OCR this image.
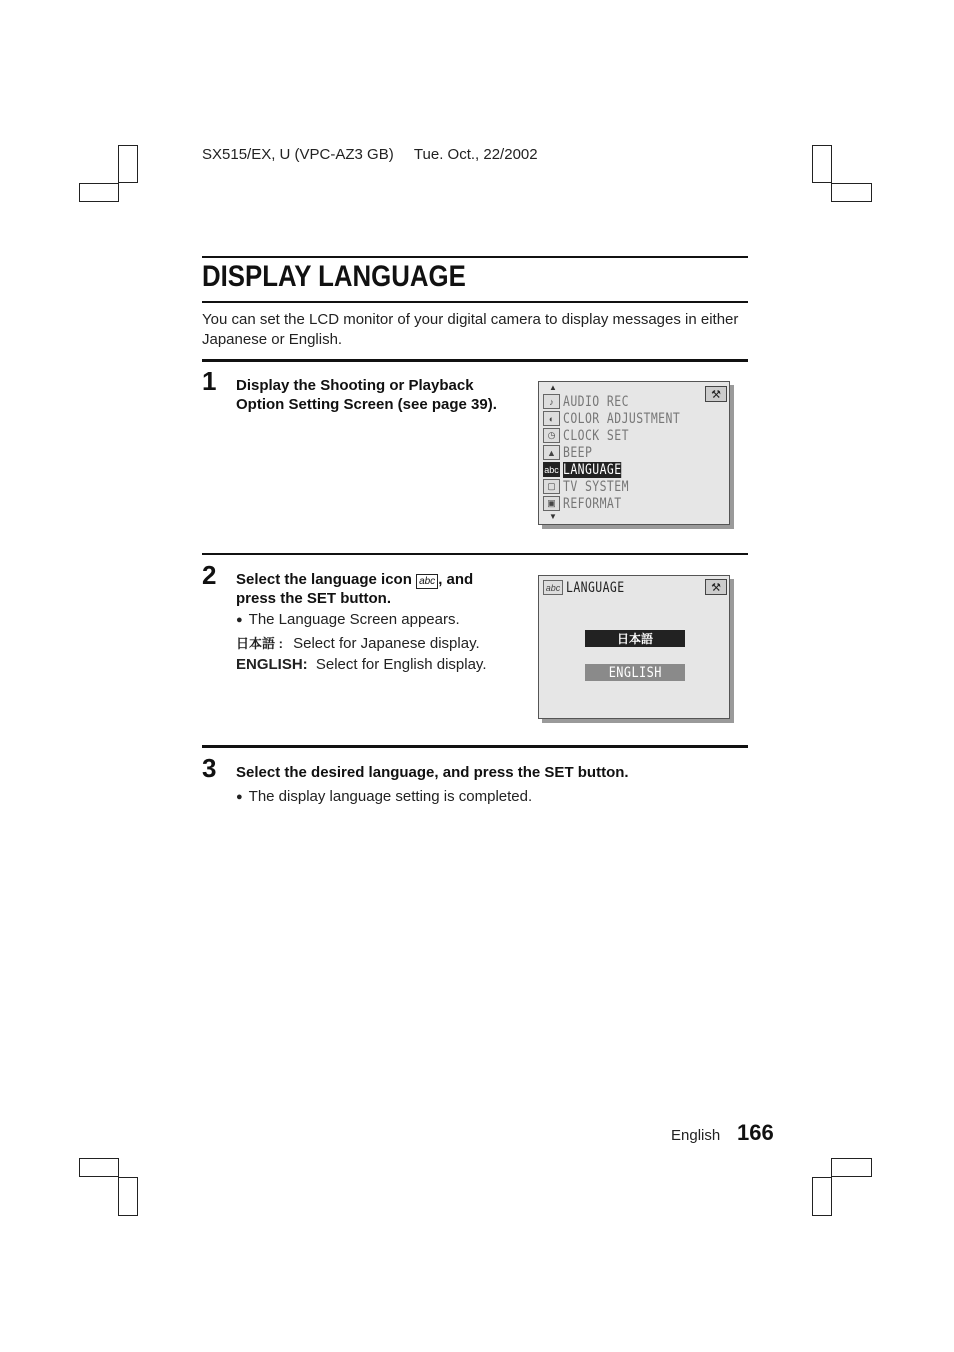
SX515/EX, U (VPC-AZ3 GB) Tue. Oct., 22/2002
DISPLAY LANGUAGE
You can set the LCD monitor of your digital camera to display messages in either Japanese or English.
1 Display the Shooting or Playback
Option Setting Screen (see page 39).
▲
⚒
♪ AUDIO REC
◐ COLOR ADJUSTMENT
◷ CLOCK SET
▲ BEEP
abc LANGUAGE
▢ TV SYSTEM
▣ REFORMAT
▼
2 Select the language icon abc , and
press the SET button.
● The Language Screen appears.
日本語 : Select for Japanese display.
ENGLISH: Select for English display.
abc LANGUAGE	⚒
日本語
ENGLISH
3 Select the desired language, and press the SET button.
● The display language setting is completed.
English 166
